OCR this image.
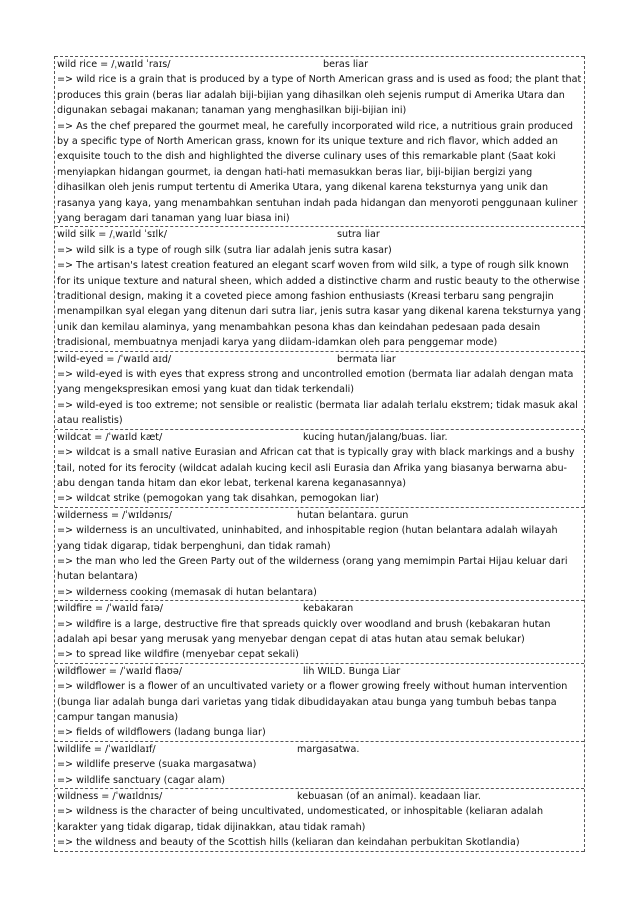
wild rice = /ˌwaɪld ˈraɪs/	beras liar
=> wild rice is a grain that is produced by a type of North American grass and is used as food; the plant that produces this grain (beras liar adalah biji-bijian yang dihasilkan oleh sejenis rumput di Amerika Utara dan digunakan sebagai makanan; tanaman yang menghasilkan biji-bijian ini)
=> As the chef prepared the gourmet meal, he carefully incorporated wild rice, a nutritious grain produced by a specific type of North American grass, known for its unique texture and rich flavor, which added an exquisite touch to the dish and highlighted the diverse culinary uses of this remarkable plant (Saat koki menyiapkan hidangan gourmet, ia dengan hati-hati memasukkan beras liar, biji-bijian bergizi yang dihasilkan oleh jenis rumput tertentu di Amerika Utara, yang dikenal karena teksturnya yang unik dan rasanya yang kaya, yang menambahkan sentuhan indah pada hidangan dan menyoroti penggunaan kuliner yang beragam dari tanaman yang luar biasa ini)
wild silk = /ˌwaɪld ˈsɪlk/	sutra liar
=> wild silk is a type of rough silk (sutra liar adalah jenis sutra kasar)
=> The artisan's latest creation featured an elegant scarf woven from wild silk, a type of rough silk known for its unique texture and natural sheen, which added a distinctive charm and rustic beauty to the otherwise traditional design, making it a coveted piece among fashion enthusiasts (Kreasi terbaru sang pengrajin menampilkan syal elegan yang ditenun dari sutra liar, jenis sutra kasar yang dikenal karena teksturnya yang unik dan kemilau alaminya, yang menambahkan pesona khas dan keindahan pedesaan pada desain tradisional, membuatnya menjadi karya yang diidam-idamkan oleh para penggemar mode)
wild-eyed = /ˈwaɪld aɪd/	bermata liar
=> wild-eyed is with eyes that express strong and uncontrolled emotion (bermata liar adalah dengan mata yang mengekspresikan emosi yang kuat dan tidak terkendali)
=> wild-eyed is too extreme; not sensible or realistic (bermata liar adalah terlalu ekstrem; tidak masuk akal atau realistis)
wildcat = /ˈwaɪld kæt/	kucing hutan/jalang/buas. liar.
=> wildcat is a small native Eurasian and African cat that is typically gray with black markings and a bushy tail, noted for its ferocity (wildcat adalah kucing kecil asli Eurasia dan Afrika yang biasanya berwarna abu-abu dengan tanda hitam dan ekor lebat, terkenal karena keganasannya)
=> wildcat strike (pemogokan yang tak disahkan, pemogokan liar)
wilderness = /ˈwɪldənɪs/	hutan belantara. gurun
=> wilderness is an uncultivated, uninhabited, and inhospitable region (hutan belantara adalah wilayah yang tidak digarap, tidak berpenghuni, dan tidak ramah)
=> the man who led the Green Party out of the wilderness (orang yang memimpin Partai Hijau keluar dari hutan belantara)
=> wilderness cooking (memasak di hutan belantara)
wildfire = /ˈwaɪld faɪə/	kebakaran
=> wildfire is a large, destructive fire that spreads quickly over woodland and brush (kebakaran hutan adalah api besar yang merusak yang menyebar dengan cepat di atas hutan atau semak belukar)
=> to spread like wildfire (menyebar cepat sekali)
wildflower = /ˈwaɪld flaʊə/	lih WILD. Bunga Liar
=> wildflower is a flower of an uncultivated variety or a flower growing freely without human intervention (bunga liar adalah bunga dari varietas yang tidak dibudidayakan atau bunga yang tumbuh bebas tanpa campur tangan manusia)
=> fields of wildflowers (ladang bunga liar)
wildlife = /ˈwaɪldlaɪf/	margasatwa.
=> wildlife preserve (suaka margasatwa)
=> wildlife sanctuary (cagar alam)
wildness = /ˈwaɪldnɪs/	kebuasan (of an animal). keadaan liar.
=> wildness is the character of being uncultivated, undomesticated, or inhospitable (keliaran adalah karakter yang tidak digarap, tidak dijinakkan, atau tidak ramah)
=> the wildness and beauty of the Scottish hills (keliaran dan keindahan perbukitan Skotlandia)
